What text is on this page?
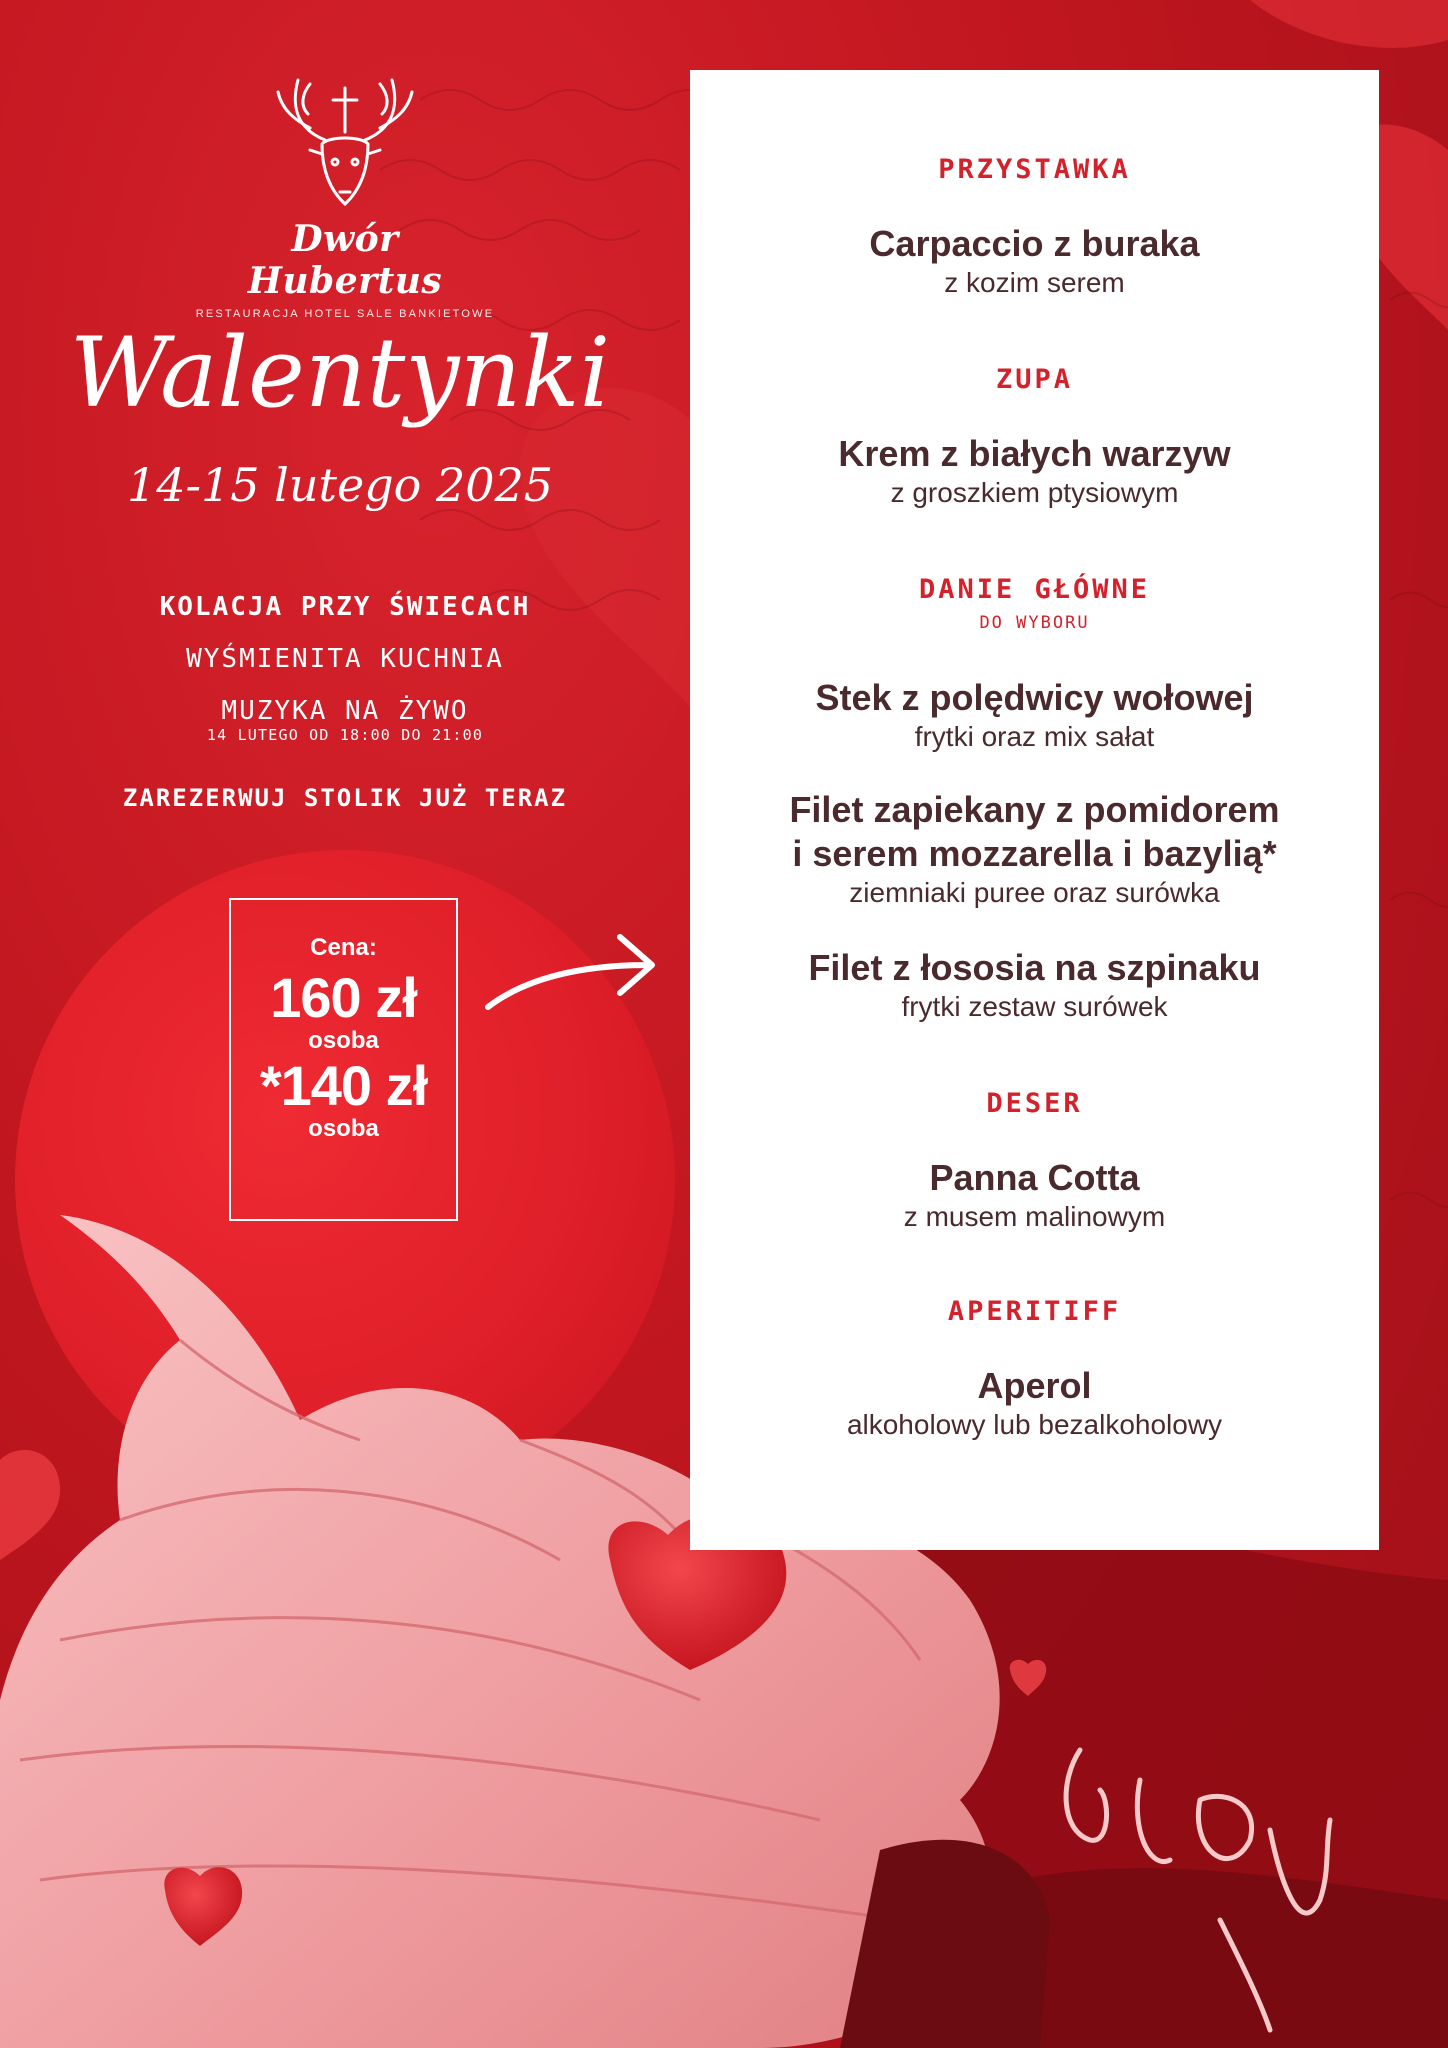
Dwór Hubertus
RESTAURACJA HOTEL SALE BANKIETOWE
Walentynki
14-15 lutego 2025
KOLACJA PRZY ŚWIECACH
WYŚMIENITA KUCHNIA
MUZYKA NA ŻYWO
14 LUTEGO OD 18:00 DO 21:00
ZAREZERWUJ STOLIK JUŻ TERAZ
Cena:
160 zł
osoba
*140 zł
osoba
PRZYSTAWKA
Carpaccio z buraka
z kozim serem
ZUPA
Krem z białych warzyw
z groszkiem ptysiowym
DANIE GŁÓWNE
DO WYBORU
Stek z polędwicy wołowej
frytki oraz mix sałat
Filet zapiekany z pomidorem
i serem mozzarella i bazylią*
ziemniaki puree oraz surówka
Filet z łososia na szpinaku
frytki zestaw surówek
DESER
Panna Cotta
z musem malinowym
APERITIFF
Aperol
alkoholowy lub bezalkoholowy
